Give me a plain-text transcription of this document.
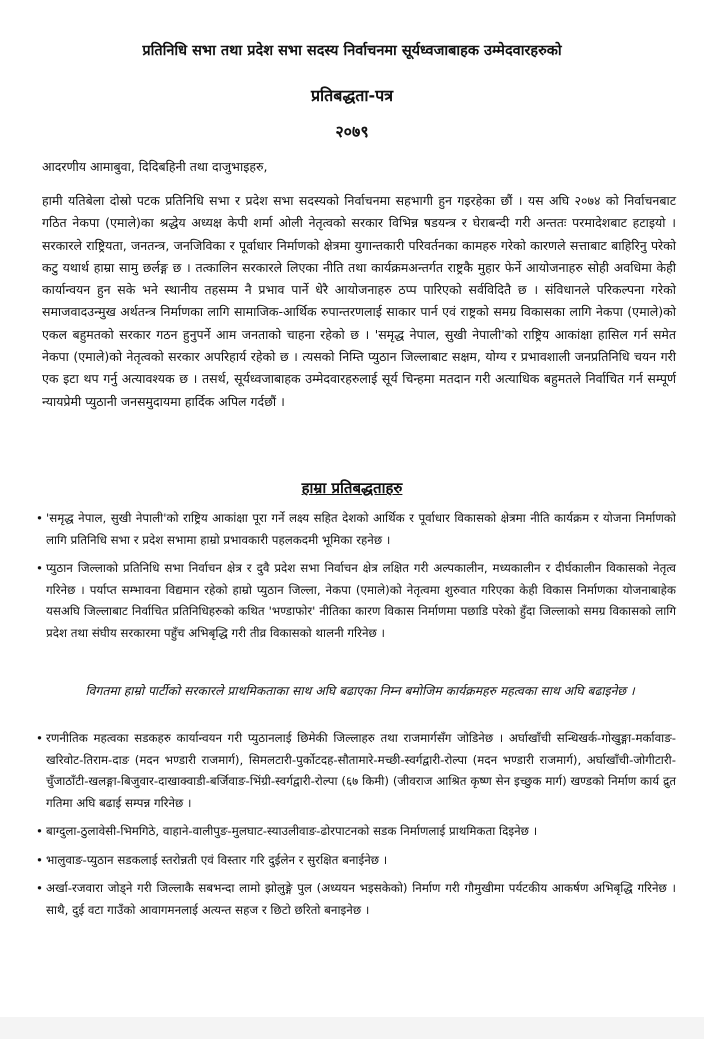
प्रतिनिधि सभा तथा प्रदेश सभा सदस्य निर्वाचनमा सूर्यध्वजाबाहक उम्मेदवारहरुको
प्रतिबद्धता-पत्र
२०७९
आदरणीय आमाबुवा, दिदिबहिनी तथा दाजुभाइहरु,
हामी यतिबेला दोस्रो पटक प्रतिनिधि सभा र प्रदेश सभा सदस्यको निर्वाचनमा सहभागी हुन गइरहेका छौं । यस अघि २०७४ को निर्वाचनबाट गठित नेकपा (एमाले)का श्रद्धेय अध्यक्ष केपी शर्मा ओली नेतृत्वको सरकार विभिन्न षडयन्त्र र घेराबन्दी गरी अन्ततः परमादेशबाट हटाइयो । सरकारले राष्ट्रियता, जनतन्त्र, जनजिविका र पूर्वाधार निर्माणको क्षेत्रमा युगान्तकारी परिवर्तनका कामहरु गरेको कारणले सत्ताबाट बाहिरिनु परेको कटु यथार्थ हाम्रा सामु छर्लङ्ग छ । तत्कालिन सरकारले लिएका नीति तथा कार्यक्रमअन्तर्गत राष्ट्रकै मुहार फेर्ने आयोजनाहरु सोही अवधिमा केही कार्यान्वयन हुन सके भने स्थानीय तहसम्म नै प्रभाव पार्ने धेरै आयोजनाहरु ठप्प पारिएको सर्वविदितै छ । संविधानले परिकल्पना गरेको समाजवादउन्मुख अर्थतन्त्र निर्माणका लागि सामाजिक-आर्थिक रुपान्तरणलाई साकार पार्न एवं राष्ट्रको समग्र विकासका लागि नेकपा (एमाले)को एकल बहुमतको सरकार गठन हुनुपर्ने आम जनताको चाहना रहेको छ । 'समृद्ध नेपाल, सुखी नेपाली'को राष्ट्रिय आकांक्षा हासिल गर्न समेत नेकपा (एमाले)को नेतृत्वको सरकार अपरिहार्य रहेको छ । त्यसको निम्ति प्युठान जिल्लाबाट सक्षम, योग्य र प्रभावशाली जनप्रतिनिधि चयन गरी एक इटा थप गर्नु अत्यावश्यक छ । तसर्थ, सूर्यध्वजाबाहक उम्मेदवारहरुलाई सूर्य चिन्हमा मतदान गरी अत्याधिक बहुमतले निर्वाचित गर्न सम्पूर्ण न्यायप्रेमी प्युठानी जनसमुदायमा हार्दिक अपिल गर्दछौं ।
हाम्रा प्रतिबद्धताहरु
• 'समृद्ध नेपाल, सुखी नेपाली'को राष्ट्रिय आकांक्षा पूरा गर्ने लक्ष्य सहित देशको आर्थिक र पूर्वाधार विकासको क्षेत्रमा नीति कार्यक्रम र योजना निर्माणको लागि प्रतिनिधि सभा र प्रदेश सभामा हाम्रो प्रभावकारी पहलकदमी भूमिका रहनेछ ।
• प्युठान जिल्लाको प्रतिनिधि सभा निर्वाचन क्षेत्र र दुवै प्रदेश सभा निर्वाचन क्षेत्र लक्षित गरी अल्पकालीन, मध्यकालीन र दीर्घकालीन विकासको नेतृत्व गरिनेछ । पर्याप्त सम्भावना विद्यमान रहेको हाम्रो प्युठान जिल्ला, नेकपा (एमाले)को नेतृत्वमा शुरुवात गरिएका केही विकास निर्माणका योजनाबाहेक यसअघि जिल्लाबाट निर्वाचित प्रतिनिधिहरुको कथित 'भण्डाफोर' नीतिका कारण विकास निर्माणमा पछाडि परेको हुँदा जिल्लाको समग्र विकासको लागि प्रदेश तथा संघीय सरकारमा पहुँच अभिबृद्धि गरी तीव्र विकासको थालनी गरिनेछ ।
विगतमा हाम्रो पार्टीको सरकारले प्राथमिकताका साथ अघि बढाएका निम्न बमोजिम कार्यक्रमहरु महत्वका साथ अघि बढाइनेछ ।
• रणनीतिक महत्वका सडकहरु कार्यान्वयन गरी प्युठानलाई छिमेकी जिल्लाहरु तथा राजमार्गसँग जोडिनेछ । अर्घाखाँची सन्धिखर्क-गोखुङ्गा-मर्कावाङ-खरिवोट-तिराम-दाङ (मदन भण्डारी राजमार्ग), सिमलटारी-पुर्कोटदह-सौतामारे-मच्छी-स्वर्गद्वारी-रोल्पा (मदन भण्डारी राजमार्ग), अर्घाखाँची-जोगीटारी-चुँजाठाँटी-खलङ्गा-बिजुवार-दाखाक्वाडी-बर्जिवाङ-भिंग्री-स्वर्गद्वारी-रोल्पा (६७ किमी) (जीवराज आश्रित कृष्ण सेन इच्छुक मार्ग) खण्डको निर्माण कार्य द्रुत गतिमा अघि बढाई सम्पन्न गरिनेछ ।
• बाग्दुला-ठुलावेसी-भिमगिठे, वाहाने-वालीपुङ-मुलघाट-स्याउलीवाङ-ढोरपाटनको सडक निर्माणलाई प्राथमिकता दिइनेछ ।
• भालुवाङ-प्युठान सडकलाई स्तरोन्नती एवं विस्तार गरि दुईलेन र सुरक्षित बनाईनेछ ।
• अर्खा-रजवारा जोड्ने गरी जिल्लाकै सबभन्दा लामो झोलुङ्गे पुल (अध्ययन भइसकेको) निर्माण गरी गौमुखीमा पर्यटकीय आकर्षण अभिबृद्धि गरिनेछ । साथै, दुई वटा गाउँको आवागमनलाई अत्यन्त सहज र छिटो छरितो बनाइनेछ ।
